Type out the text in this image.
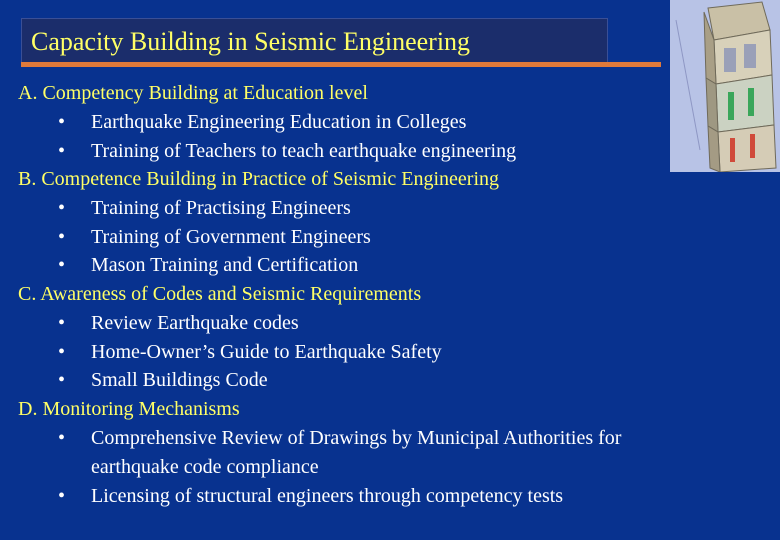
Capacity Building in Seismic Engineering
A. Competency Building at Education level
• Earthquake Engineering Education in Colleges
• Training of Teachers to teach earthquake engineering
B. Competence Building in Practice of Seismic Engineering
• Training of Practising Engineers
• Training of Government Engineers
• Mason Training and Certification
C. Awareness of Codes and Seismic Requirements
• Review Earthquake codes
• Home-Owner’s Guide to Earthquake Safety
• Small Buildings Code
D. Monitoring Mechanisms
• Comprehensive Review of Drawings by Municipal Authorities for
earthquake code compliance
• Licensing of structural engineers through competency tests
